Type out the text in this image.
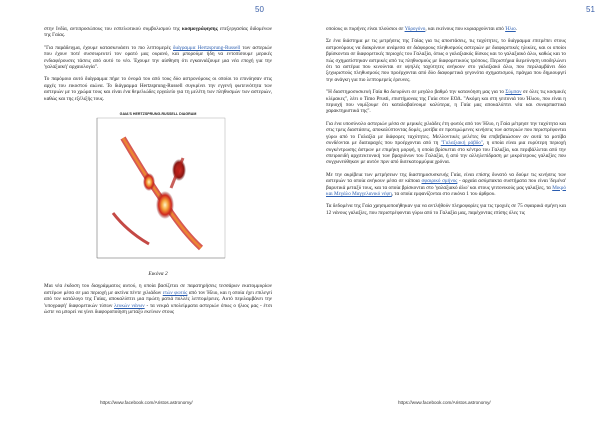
50

στην Ινδία, αντιπροσώπους του εσπελωτικού συμβολισμού της κοσμογράφησης επεξεργασίας διδομένων της Γαίας.

"Για παράδειγμα, έχουμε κατασκευάσει το πιο λεπτομερές διάγραμμα Hertzsprung-Russell των αστεριών που έχουν ποτέ συσσωρευτεί τον ορατό μας ουρανό, και μπορούμε ήδη να εντοπίσουμε μερικές ενδιαφέρουσες τάσεις από αυτό το νέο. Έχουμε την αίσθηση ότι εγκαινιάζουμε μια νέα εποχή για την 'γαλαξιακή' αρχαιολογία".

Το παρόμοιο αυτό διάγραμμα πήρε το όνομά του από τους δύο αστρονόμους οι οποίοι το επινόησαν στις αρχές του εικοστού αιώνα. Το διάγραμμα Hertzsprung-Russell συγκρίνει την εγγενή φωτεινότητα των αστεριών με το χρώμα τους και είναι ένα θεμελιώδες εργαλείο για τη μελέτη των πληθυσμών των αστεριών, καθώς και της εξέλιξής τους.

GAIA'S HERTZSPRUNG-RUSSELL DIAGRAM
Εικόνα 2

Μια νέα έκδοση του διαγράμματος αυτού, η οποία βασίζεται σε παρατηρήσεις τεσσάρων εκατομμυρίων αστέρων μέσα σε μια περιοχή με ακτίνα πέντε χιλιάδων ετών φωτός από τον Ήλιο, και η οποία έχει επιλεγεί από τον κατάλογο της Γαίας, αποκαλύπτει μια πρώτη ματιά πολλές λεπτομέρειες. Αυτό περιλαμβάνει την 'υπογραφή' διαφορετικών τύπων λευκών νάνων - τα νεκρά υπολείμματα αστεριών όπως ο ήλιος μας - έτσι ώστε να μπορεί να γίνει διαφοροποίηση μεταξύ εκείνων στους

https://www.facebook.com/Aristos.astronomy/
51

οποίους οι πυρήνες είναι πλούσιοι σε Υδρογόνο, και εκείνους που κυριαρχούνται από Ήλιο.

Σε ένα διάστημα με τις μετρήσεις της Γαίας για τις αποστάσεις, τις ταχύτητες, το διάγραμμα επιτρέπει στους αστρονόμους να διακρίνουν ανάμεσα σε διάφορους πληθυσμούς αστεριών με διαφορετικές ηλικίες, και οι οποίοι βρίσκονται σε διαφορετικές περιοχές του Γαλαξία, όπως ο γαλαξιακός δίσκος και το γαλαξιακό άλω, καθώς και το πώς σχηματίστηκαν αστρικές από τις πληθυσμούς με διαφορετικούς τρόπους. Περιστήρια διερεύνηση υποδηλώνει ότι τα αστέρια που κινούνται σε υψηλές ταχύτητες ανήκουν στο γαλαξιακό άλω, που περιλαμβάνει δύο ξεχωριστούς πληθυσμούς που προέρχονται από δύο διαφορετικά γεγονότα σχηματισμού, πράγμα που δημιουργεί την ανάγκη για πιο λεπτομερείς έρευνες.

"Η διαστημοσυσκευή Γαία θα διευρύνει σε μεγάλο βαθμό την κατανόηση μας για το Σύμπαν σε όλες τις κοσμικές κλίμακες", λέει ο Timo Prusti, επιστήμονας της Γαία στον ΕΟΔ. "Ακόμη και στη γειτονιά του Ήλιου, που είναι η περιοχή που νομίζουμε ότι καταλαβαίνουμε καλύτερα, η Γαία μας αποκαλύπτει νέα και συναρπαστικά χαρακτηριστικά της".

Για ένα υποσύνολο αστεριών μέσα σε μερικές χιλιάδες έτη φωτός από τον Ήλιο, η Γαία μέτρησε την ταχύτητα και στις τρεις διαστάσεις, αποκαλύπτοντας δομές, μοτίβα σε προτιμώμενες κινήσεις των αστεριών που περιστρέφονται γύρω από το Γαλαξία με διάφορες ταχύτητες. Μελλοντικές μελέτες θα επιβεβαιώσουν αν αυτά τα μοτίβα συνδέονται με διαταραχές που προέρχονται από τη "Γαλαξιακή ράβδο", η οποία είναι μια ευρύτερη περιοχή συγκέντρωσης άστρων με επιμήκη μορφή, η οποία βρίσκεται στο κέντρο του Γαλαξία, και περιβάλλεται από την σπειροειδή αρχιτεκτονική των βραχιόνων του Γαλαξία, ή από την αλληλεπίδραση με μικρότερους γαλαξίες που συγχωνεύθηκαν με αυτόν πριν από δισεκατομμύρια χρόνια.

Με την ακρίβεια των μετρήσεων της διαστημοσυσκευής Γαία, είναι επίσης δυνατό να δούμε τις κινήσεις των αστεριών τα οποία ανήκουν μέσα σε κάποια σφαιρικό σμήνος - αρχαία ασύμπακτα συστήματα που είναι 'δεμένα' βαρυτικά μεταξύ τους, και τα οποία βρίσκονται στο 'γαλαξιακό άλω' και στους γειτονικούς μας γαλαξίες, τα Μικρό και Μεγάλο Μαγγελανικό νέφη, τα οποία εμφανίζονται στο εικόνα 1 του άρθρου.

Τα δεδομένα της Γαία χρησιμοποιήθηκαν για να αντλήθούν πληροφορίες για τις τροχιές σε 75 σφαιρικά σμήνη και 12 νάνους γαλαξίες, που περιστρέφονται γύρω από το Γαλαξία μας, παρέχοντας επίσης όλες τις

https://www.facebook.com/Aristos.astronomy/
